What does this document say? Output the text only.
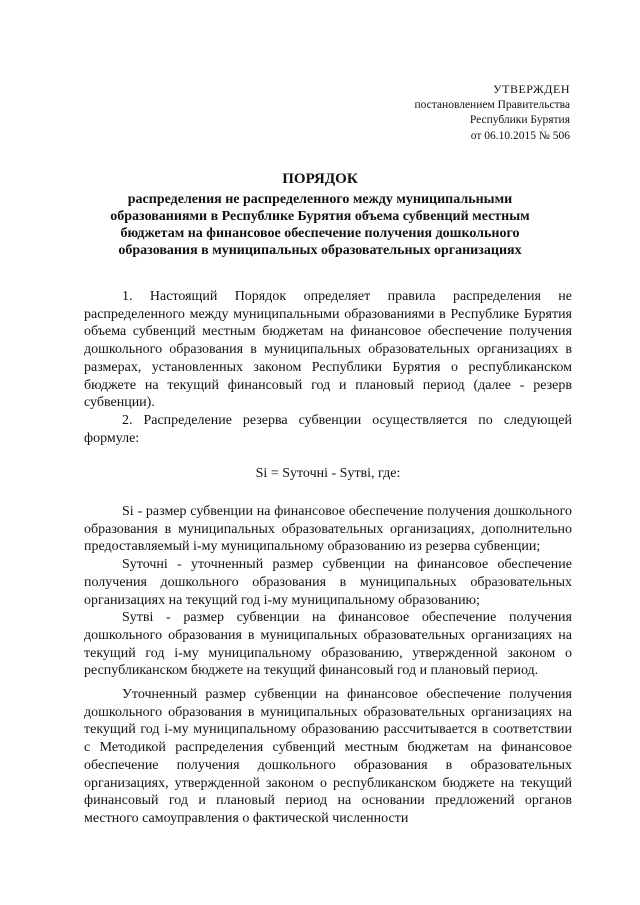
УТВЕРЖДЕН
постановлением Правительства
Республики Бурятия
от 06.10.2015 № 506
ПОРЯДОК
распределения не распределенного между муниципальными образованиями в Республике Бурятия объема субвенций местным бюджетам на финансовое обеспечение получения дошкольного образования в муниципальных образовательных организациях

1. Настоящий Порядок определяет правила распределения не распределенного между муниципальными образованиями в Республике Бурятия объема субвенций местным бюджетам на финансовое обеспечение получения дошкольного образования в муниципальных образовательных организациях в размерах, установленных законом Республики Бурятия о республиканском бюджете на текущий финансовый год и плановый период (далее - резерв субвенции).

2. Распределение резерва субвенции осуществляется по следующей формуле:

Si = Syточнi - Syтвi, где:

Si - размер субвенции на финансовое обеспечение получения дошкольного образования в муниципальных образовательных организациях, дополнительно предоставляемый i-му муниципальному образованию из резерва субвенции;

Syточнi - уточненный размер субвенции на финансовое обеспечение получения дошкольного образования в муниципальных образовательных организациях на текущий год i-му муниципальному образованию;

Syтвi - размер субвенции на финансовое обеспечение получения дошкольного образования в муниципальных образовательных организациях на текущий год i-му муниципальному образованию, утвержденной законом о республиканском бюджете на текущий финансовый год и плановый период.

Уточненный размер субвенции на финансовое обеспечение получения дошкольного образования в муниципальных образовательных организациях на текущий год i-му муниципальному образованию рассчитывается в соответствии с Методикой распределения субвенций местным бюджетам на финансовое обеспечение получения дошкольного образования в образовательных организациях, утвержденной законом о республиканском бюджете на текущий финансовый год и плановый период на основании предложений органов местного самоуправления о фактической численности
